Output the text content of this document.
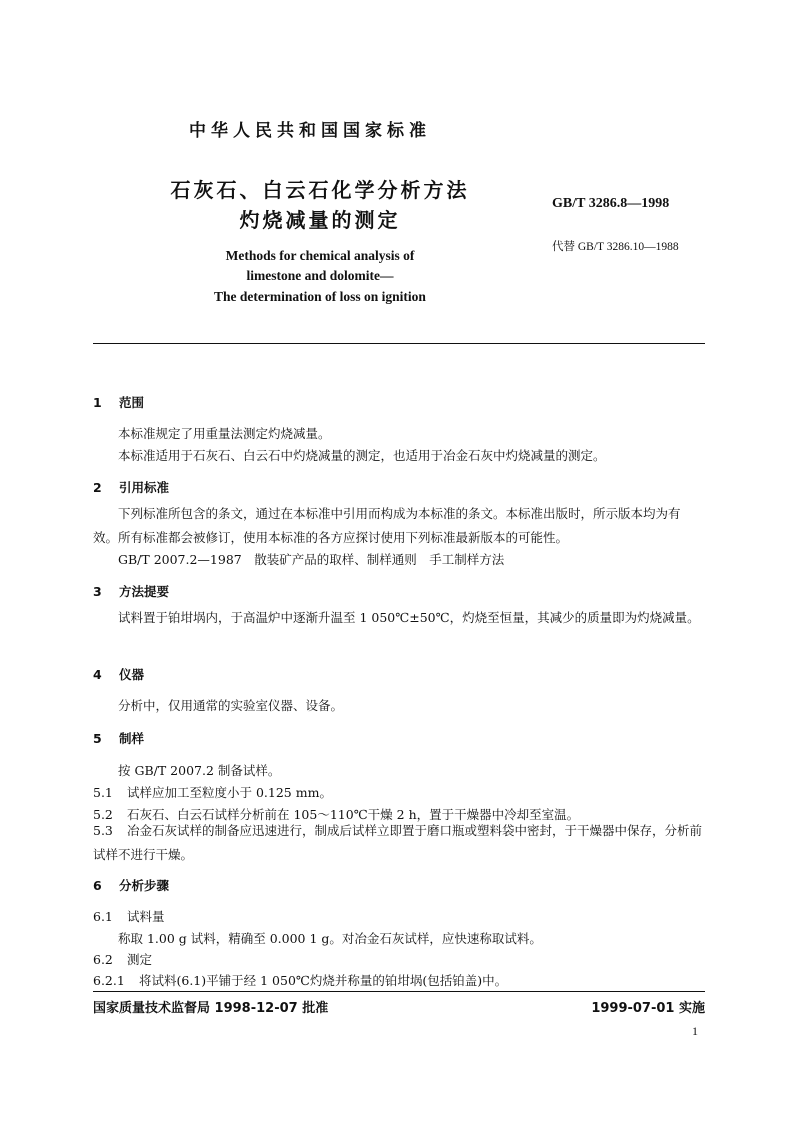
中华人民共和国国家标准
石灰石、白云石化学分析方法
灼烧减量的测定
Methods for chemical analysis of
limestone and dolomite—
The determination of loss on ignition
GB/T 3286.8—1998
代替 GB/T 3286.10—1988
1 范围
本标准规定了用重量法测定灼烧减量。
本标准适用于石灰石、白云石中灼烧减量的测定，也适用于冶金石灰中灼烧减量的测定。
2 引用标准
下列标准所包含的条文，通过在本标准中引用而构成为本标准的条文。本标准出版时，所示版本均为有效。所有标准都会被修订，使用本标准的各方应探讨使用下列标准最新版本的可能性。
GB/T 2007.2—1987　散装矿产品的取样、制样通则　手工制样方法
3 方法提要
试料置于铂坩埚内，于高温炉中逐渐升温至 1 050℃±50℃，灼烧至恒量，其减少的质量即为灼烧减量。
4 仪器
分析中，仅用通常的实验室仪器、设备。
5 制样
按 GB/T 2007.2 制备试样。
5.1 试样应加工至粒度小于 0.125 mm。
5.2 石灰石、白云石试样分析前在 105～110℃干燥 2 h，置于干燥器中冷却至室温。
5.3 冶金石灰试样的制备应迅速进行，制成后试样立即置于磨口瓶或塑料袋中密封，于干燥器中保存，分析前试样不进行干燥。
6 分析步骤
6.1 试料量
称取 1.00 g 试料，精确至 0.000 1 g。对冶金石灰试样，应快速称取试料。
6.2 测定
6.2.1 将试料(6.1)平铺于经 1 050℃灼烧并称量的铂坩埚(包括铂盖)中。
国家质量技术监督局 1998-12-07 批准	1999-07-01 实施
1
